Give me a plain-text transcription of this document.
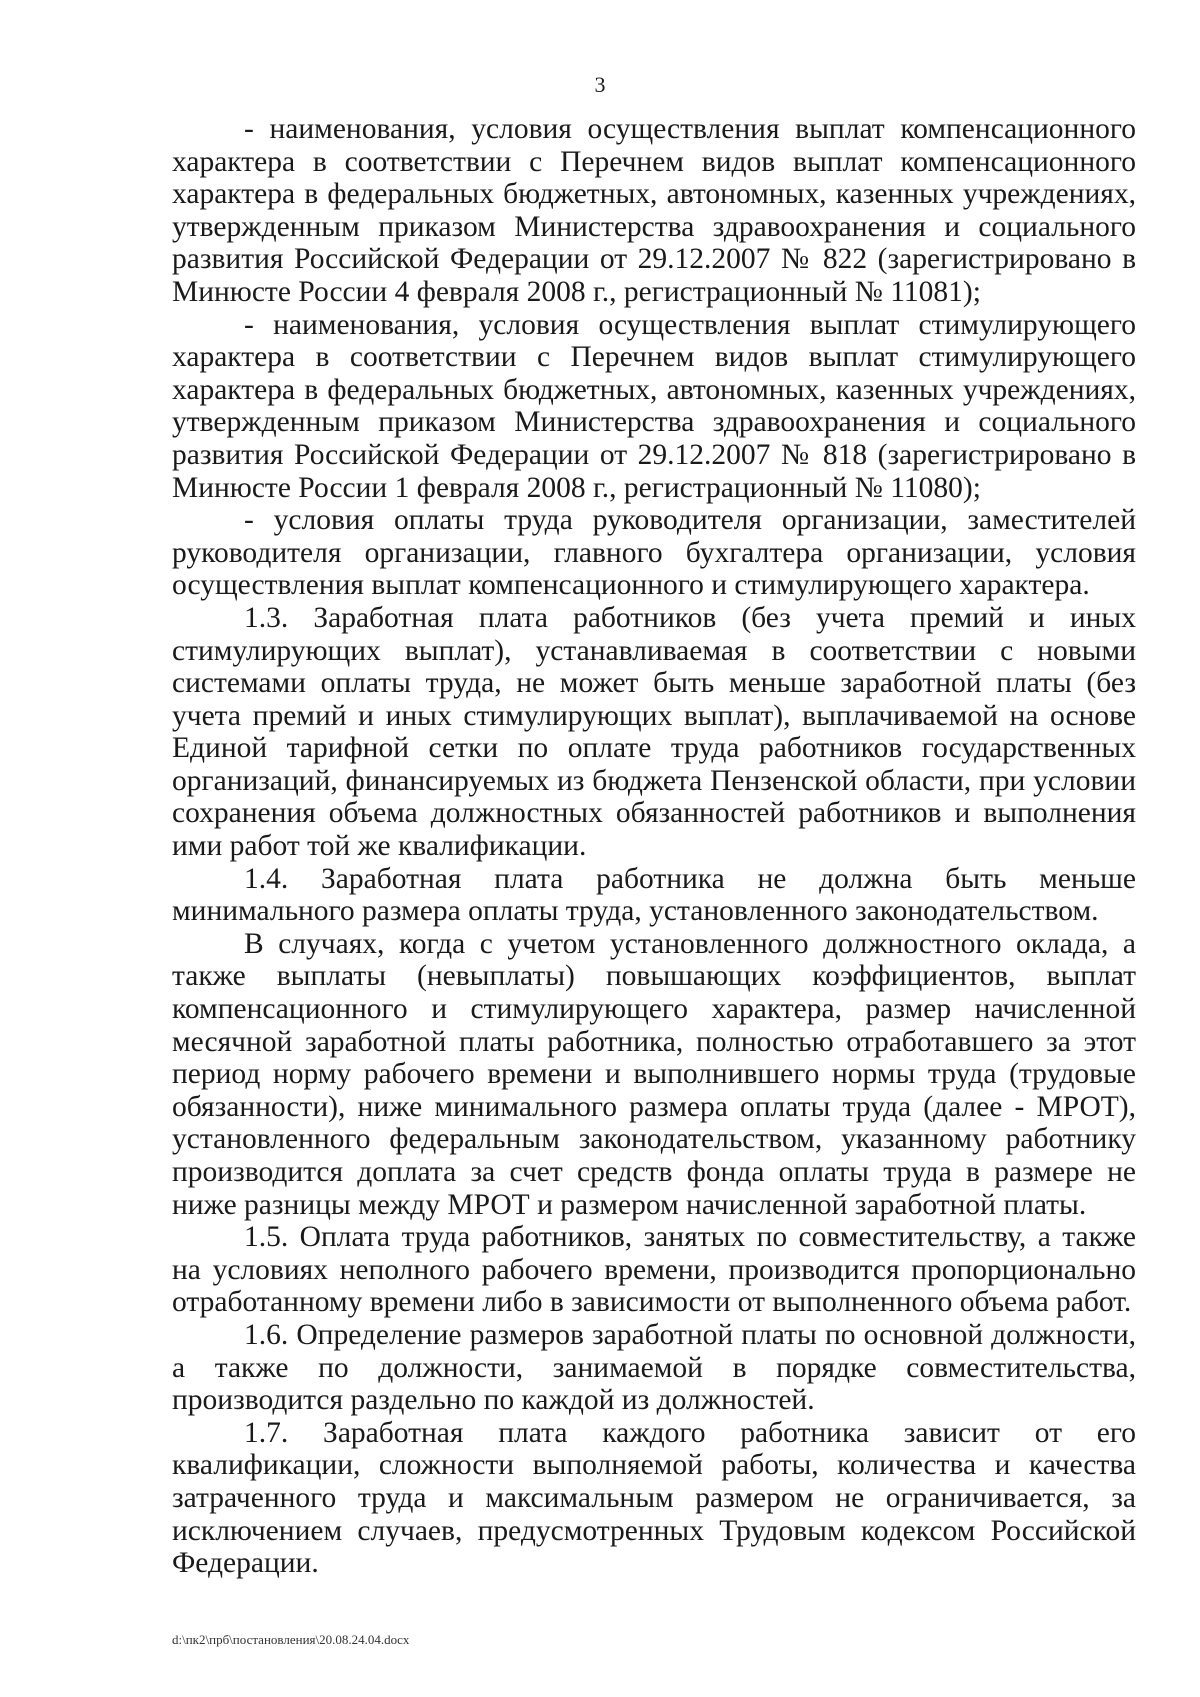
3

- наименования, условия осуществления выплат компенсационного характера в соответствии с Перечнем видов выплат компенсационного характера в федеральных бюджетных, автономных, казенных учреждениях, утвержденным приказом Министерства здравоохранения и социального развития Российской Федерации от 29.12.2007 № 822 (зарегистрировано в Минюсте России 4 февраля 2008 г., регистрационный № 11081);

- наименования, условия осуществления выплат стимулирующего характера в соответствии с Перечнем видов выплат стимулирующего характера в федеральных бюджетных, автономных, казенных учреждениях, утвержденным приказом Министерства здравоохранения и социального развития Российской Федерации от 29.12.2007 № 818 (зарегистрировано в Минюсте России 1 февраля 2008 г., регистрационный № 11080);

- условия оплаты труда руководителя организации, заместителей руководителя организации, главного бухгалтера организации, условия осуществления выплат компенсационного и стимулирующего характера.

1.3. Заработная плата работников (без учета премий и иных стимулирующих выплат), устанавливаемая в соответствии с новыми системами оплаты труда, не может быть меньше заработной платы (без учета премий и иных стимулирующих выплат), выплачиваемой на основе Единой тарифной сетки по оплате труда работников государственных организаций, финансируемых из бюджета Пензенской области, при условии сохранения объема должностных обязанностей работников и выполнения ими работ той же квалификации.

1.4. Заработная плата работника не должна быть меньше минимального размера оплаты труда, установленного законодательством.

В случаях, когда с учетом установленного должностного оклада, а также выплаты (невыплаты) повышающих коэффициентов, выплат компенсационного и стимулирующего характера, размер начисленной месячной заработной платы работника, полностью отработавшего за этот период норму рабочего времени и выполнившего нормы труда (трудовые обязанности), ниже минимального размера оплаты труда (далее - МРОТ), установленного федеральным законодательством, указанному работнику производится доплата за счет средств фонда оплаты труда в размере не ниже разницы между МРОТ и размером начисленной заработной платы.

1.5. Оплата труда работников, занятых по совместительству, а также на условиях неполного рабочего времени, производится пропорционально отработанному времени либо в зависимости от выполненного объема работ.

1.6. Определение размеров заработной платы по основной должности, а также по должности, занимаемой в порядке совместительства, производится раздельно по каждой из должностей.

1.7. Заработная плата каждого работника зависит от его квалификации, сложности выполняемой работы, количества и качества затраченного труда и максимальным размером не ограничивается, за исключением случаев, предусмотренных Трудовым кодексом Российской Федерации.

d:\пк2\прб\постановления\20.08.24.04.docx
